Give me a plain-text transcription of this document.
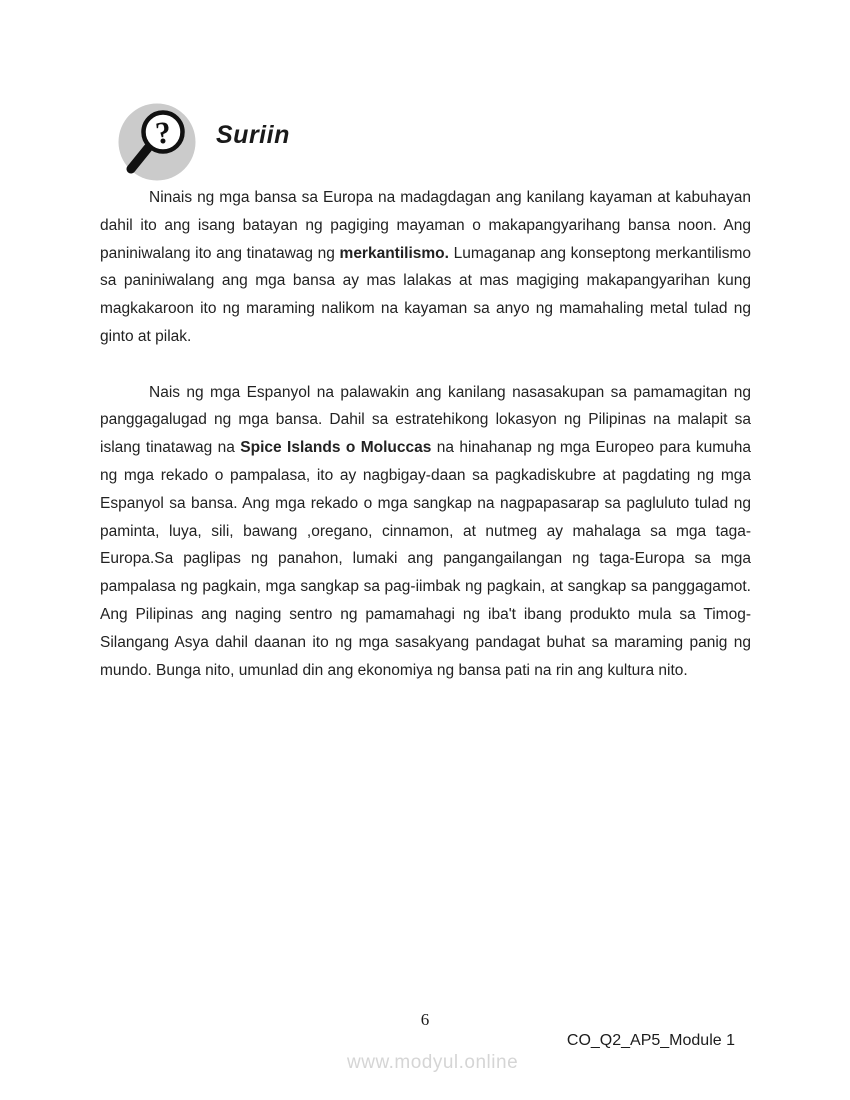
? Suriin

Ninais ng mga bansa sa Europa na madagdagan ang kanilang kayaman at kabuhayan dahil ito ang isang batayan ng pagiging mayaman o makapangyarihang bansa noon. Ang paniniwalang ito ang tinatawag ng merkantilismo. Lumaganap ang konseptong merkantilismo sa paniniwalang ang mga bansa ay mas lalakas at mas magiging makapangyarihan kung magkakaroon ito ng maraming nalikom na kayaman sa anyo ng mamahaling metal tulad ng ginto at pilak.

Nais ng mga Espanyol na palawakin ang kanilang nasasakupan sa pamamagitan ng panggagalugad ng mga bansa. Dahil sa estratehikong lokasyon ng Pilipinas na malapit sa islang tinatawag na Spice Islands o Moluccas na hinahanap ng mga Europeo para kumuha ng mga rekado o pampalasa, ito ay nagbigay-daan sa pagkadiskubre at pagdating ng mga Espanyol sa bansa. Ang mga rekado o mga sangkap na nagpapasarap sa pagluluto tulad ng paminta, luya, sili, bawang ,oregano, cinnamon, at nutmeg ay mahalaga sa mga taga-Europa.Sa paglipas ng panahon, lumaki ang pangangailangan ng taga-Europa sa mga pampalasa ng pagkain, mga sangkap sa pag-iimbak ng pagkain, at sangkap sa panggagamot. Ang Pilipinas ang naging sentro ng pamamahagi ng iba't ibang produkto mula sa Timog-Silangang Asya dahil daanan ito ng mga sasakyang pandagat buhat sa maraming panig ng mundo. Bunga nito, umunlad din ang ekonomiya ng bansa pati na rin ang kultura nito.

6
CO_Q2_AP5_Module 1
www.modyul.online
